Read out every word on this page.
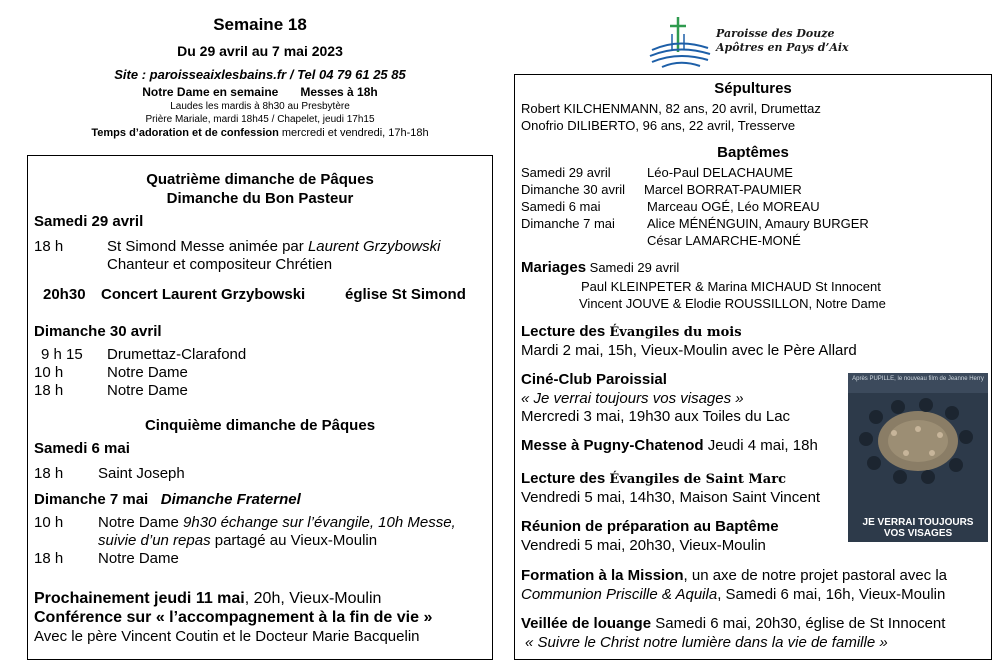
Semaine 18
Du 29 avril au 7 mai 2023
Site : paroisseaixlesbains.fr / Tel 04 79 61 25 85
Notre Dame en semaine Messes à 18h
Laudes les mardis à 8h30 au Presbytère
Prière Mariale, mardi 18h45 / Chapelet, jeudi 17h15
Temps d’adoration et de confession mercredi et vendredi, 17h-18h
Paroisse des Douze
Apôtres en Pays d’Aix
Quatrième dimanche de Pâques
Dimanche du Bon Pasteur
Samedi 29 avril
18 h	St Simond Messe animée par Laurent Grzybowski
Chanteur et compositeur Chrétien
20h30 Concert Laurent Grzybowski	église St Simond
Dimanche 30 avril
9 h 15 Drumettaz-Clarafond
10 h	Notre Dame
18 h	Notre Dame
Cinquième dimanche de Pâques
Samedi 6 mai
18 h Saint Joseph
Dimanche 7 mai Dimanche Fraternel
10 h Notre Dame 9h30 échange sur l’évangile, 10h Messe,
suivie d’un repas partagé au Vieux-Moulin
18 h Notre Dame
Prochainement jeudi 11 mai, 20h, Vieux-Moulin
Conférence sur « l’accompagnement à la fin de vie »
Avec le père Vincent Coutin et le Docteur Marie Bacquelin
Sépultures
Robert KILCHENMANN, 82 ans, 20 avril, Drumettaz
Onofrio DILIBERTO, 96 ans, 22 avril, Tresserve
Baptêmes
Samedi 29 avril	Léo-Paul DELACHAUME
Dimanche 30 avril Marcel BORRAT-PAUMIER
Samedi 6 mai	Marceau OGÉ, Léo MOREAU
Dimanche 7 mai Alice MÉNÉNGUIN, Amaury BURGER
César LAMARCHE-MONÉ
Mariages Samedi 29 avril
Paul KLEINPETER & Marina MICHAUD St Innocent
Vincent JOUVE & Elodie ROUSSILLON, Notre Dame
Lecture des Évangiles du mois
Mardi 2 mai, 15h, Vieux-Moulin avec le Père Allard
Ciné-Club Paroissial
« Je verrai toujours vos visages »
Mercredi 3 mai, 19h30 aux Toiles du Lac
Messe à Pugny-Chatenod Jeudi 4 mai, 18h
Lecture des Évangiles de Saint Marc
Vendredi 5 mai, 14h30, Maison Saint Vincent
Réunion de préparation au Baptême
Vendredi 5 mai, 20h30, Vieux-Moulin
Formation à la Mission, un axe de notre projet pastoral avec la
Communion Priscille & Aquila, Samedi 6 mai, 16h, Vieux-Moulin
Veillée de louange Samedi 6 mai, 20h30, église de St Innocent
« Suivre le Christ notre lumière dans la vie de famille »
Après PUPILLE, le nouveau film de Jeanne Herry
JE VERRAI TOUJOURS
VOS VISAGES
